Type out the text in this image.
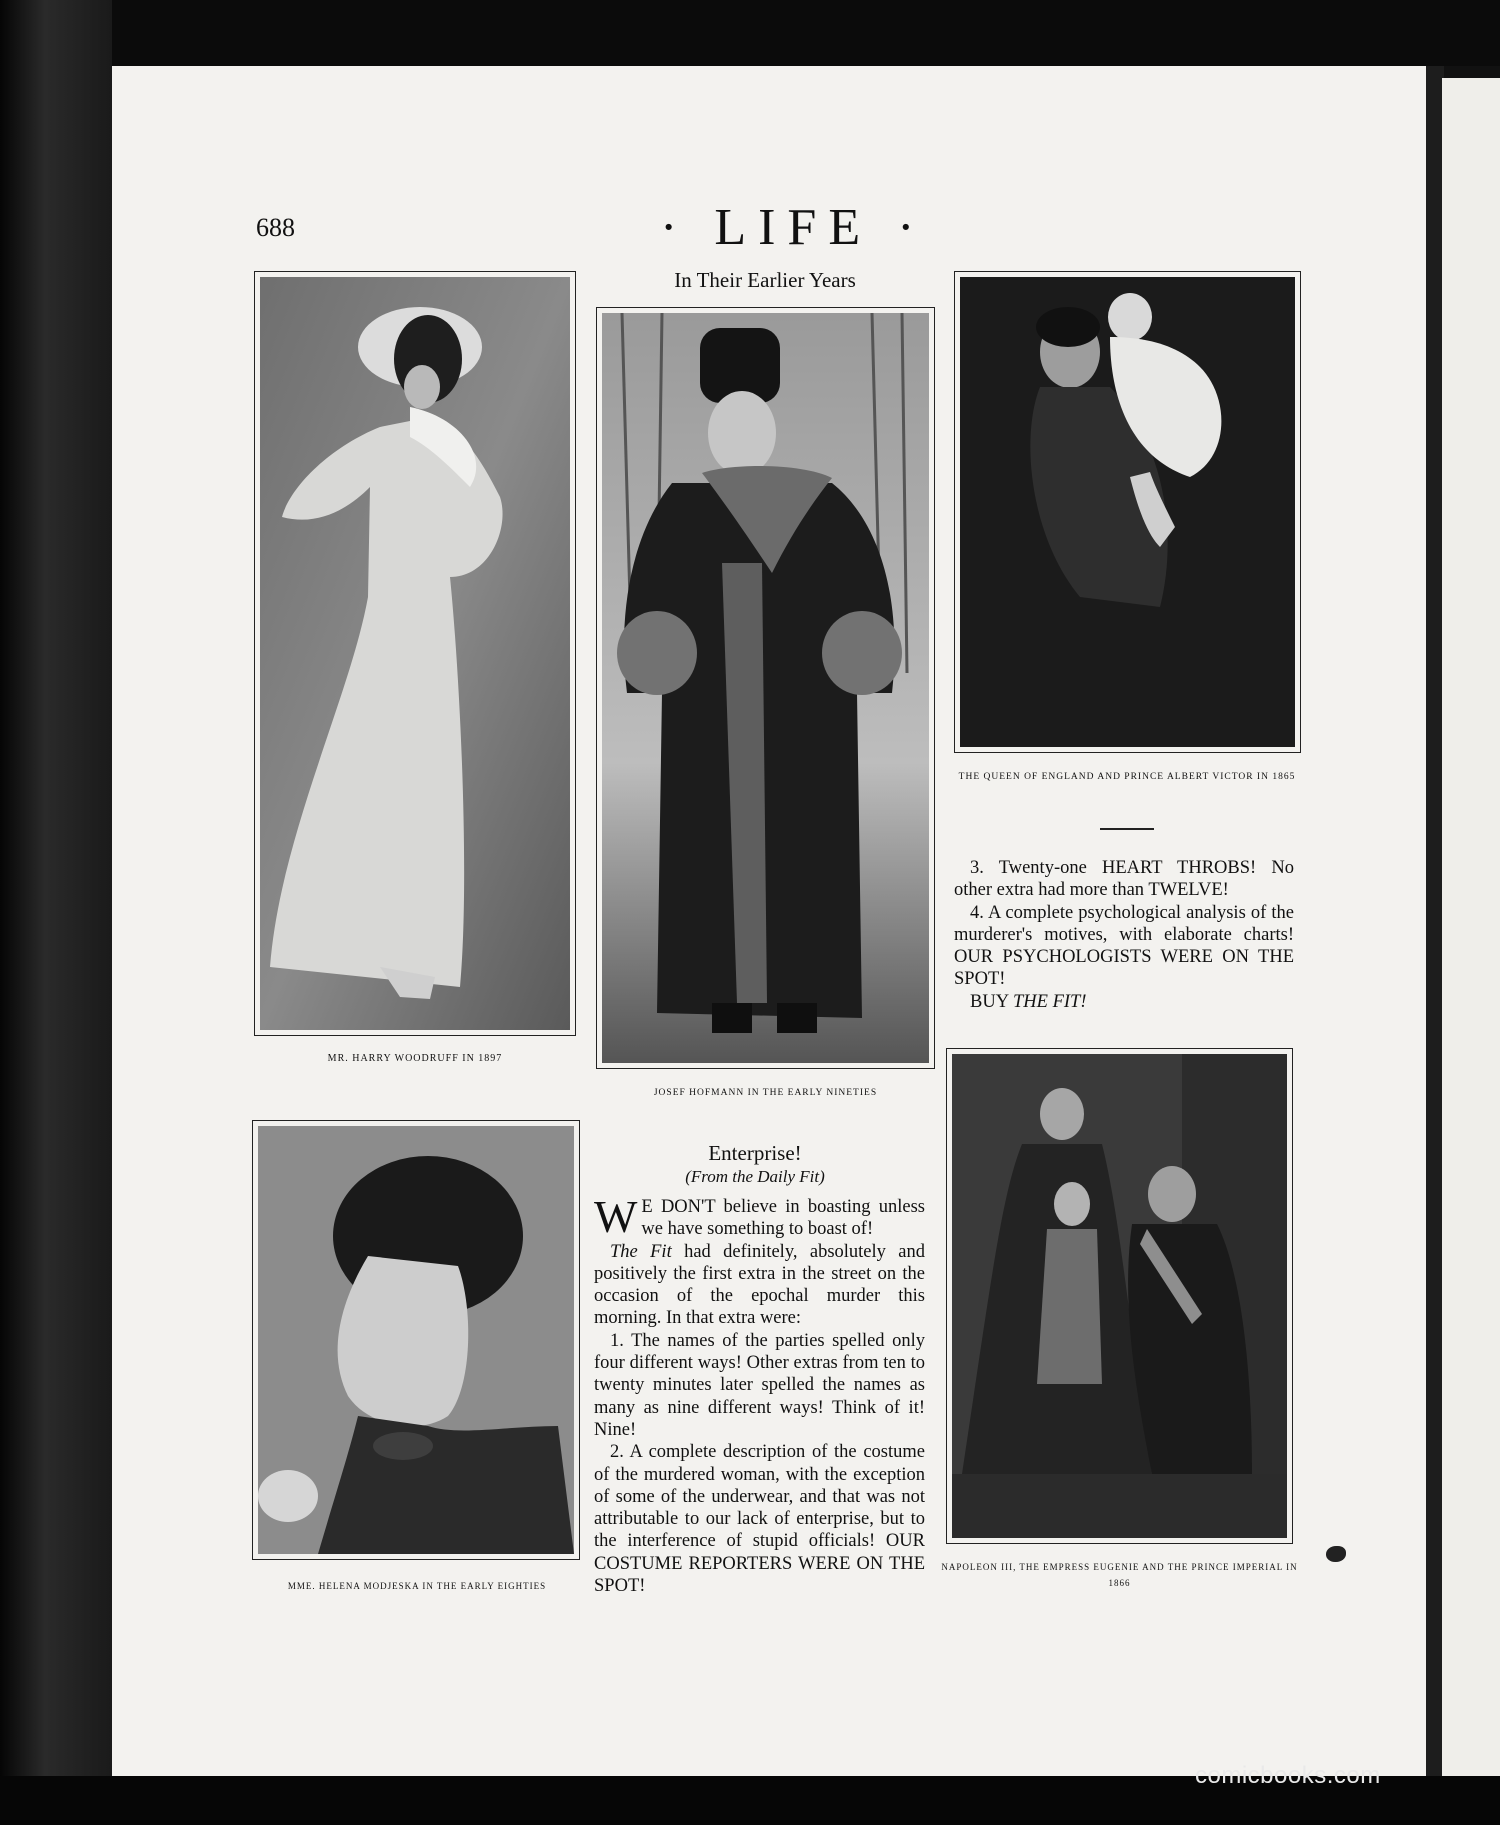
688	· LIFE ·
In Their Earlier Years
MR. HARRY WOODRUFF IN 1897
JOSEF HOFMANN IN THE EARLY NINETIES
THE QUEEN OF ENGLAND AND PRINCE ALBERT VICTOR IN 1865
MME. HELENA MODJESKA IN THE EARLY EIGHTIES
NAPOLEON III, THE EMPRESS EUGENIE AND THE PRINCE IMPERIAL IN 1866

3. Twenty-one HEART THROBS! No other extra had more than TWELVE!

4. A complete psychological analysis of the murderer's motives, with elaborate charts! OUR PSYCHOLOGISTS WERE ON THE SPOT!

BUY THE FIT!

Enterprise!
(From the Daily Fit)

W E DON'T believe in boasting unless we have something to boast of!

The Fit had definitely, absolutely and positively the first extra in the street on the occasion of the epochal murder this morning. In that extra were:

1. The names of the parties spelled only four different ways! Other extras from ten to twenty minutes later spelled the names as many as nine different ways! Think of it! Nine!

2. A complete description of the costume of the murdered woman, with the exception of some of the underwear, and that was not attributable to our lack of enterprise, but to the interference of stupid officials! OUR COSTUME REPORTERS WERE ON THE SPOT!

comicbooks.com
